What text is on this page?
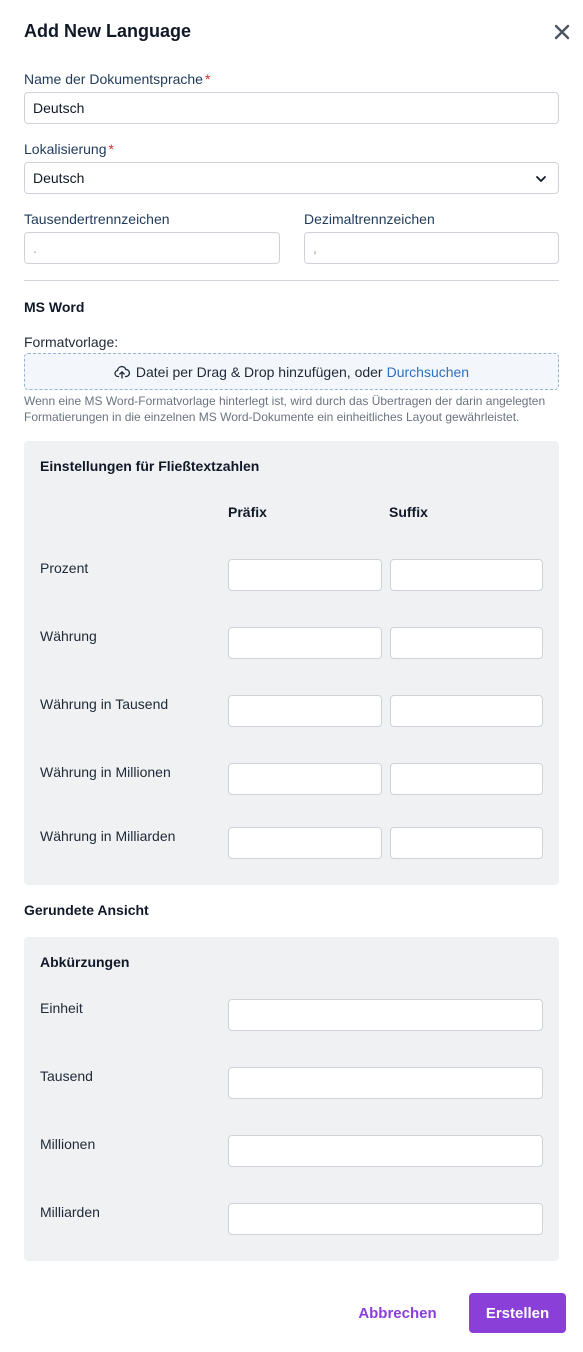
Add New Language
Name der Dokumentsprache *
Deutsch
Lokalisierung *
Deutsch
Tausendertrennzeichen
.
Dezimaltrennzeichen
,
MS Word
Formatvorlage:
Datei per Drag & Drop hinzufügen, oder Durchsuchen
Wenn eine MS Word-Formatvorlage hinterlegt ist, wird durch das Übertragen der darin angelegten Formatierungen in die einzelnen MS Word-Dokumente ein einheitliches Layout gewährleistet.
Einstellungen für Fließtextzahlen
Präfix	Suffix
Prozent
Währung
Währung in Tausend
Währung in Millionen
Währung in Milliarden
Gerundete Ansicht
Abkürzungen
Einheit
Tausend
Millionen
Milliarden
Abbrechen	Erstellen
